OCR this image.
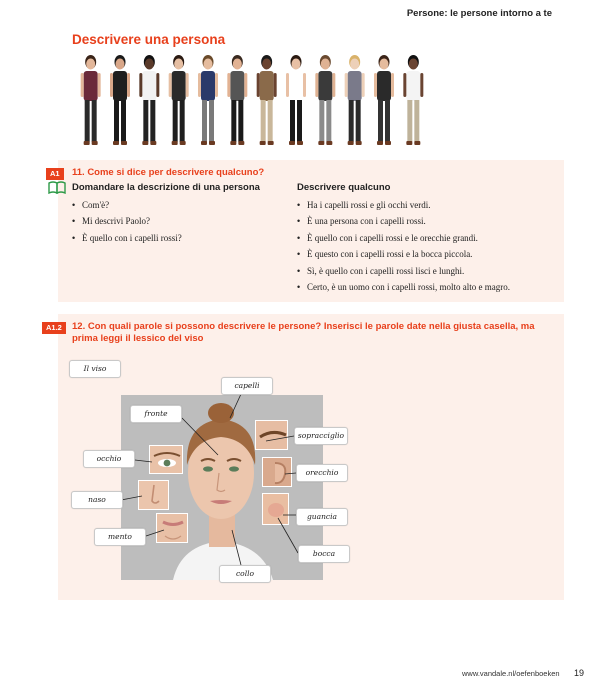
Persone: le persone intorno a te
Descrivere una persona
A1	11. Come si dice per descrivere qualcuno?
Domandare la descrizione di una persona
• Com'è?
• Mi descrivi Paolo?
• È quello con i capelli rossi?
Descrivere qualcuno
• Ha i capelli rossi e gli occhi verdi.
• È una persona con i capelli rossi.
• È quello con i capelli rossi e le orecchie grandi.
• È questo con i capelli rossi e la bocca piccola.
• Sì, è quello con i capelli rossi lisci e lunghi.
• Certo, è un uomo con i capelli rossi, molto alto e magro.
A1.2	12. Con quali parole si possono descrivere le persone? Inserisci le parole date nella giusta casella, ma prima leggi il lessico del viso
Il viso
capelli
fronte
sopracciglio
occhio
orecchio
naso
guancia
mento
bocca
collo
www.vandale.nl/oefenboeken 19
